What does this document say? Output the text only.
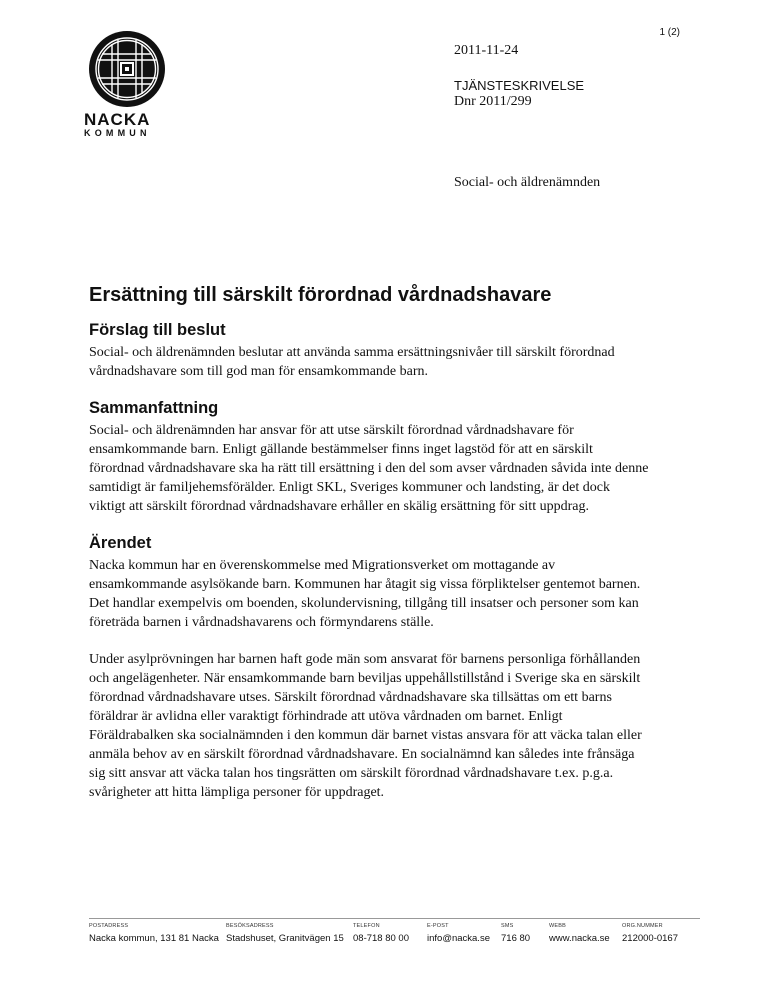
1 (2)
NACKA
KOMMUN
2011-11-24
TJÄNSTESKRIVELSE
Dnr 2011/299
Social- och äldrenämnden
Ersättning till särskilt förordnad vårdnadshavare
Förslag till beslut

Social- och äldrenämnden beslutar att använda samma ersättningsnivåer till särskilt förordnad vårdnadshavare som till god man för ensamkommande barn.

Sammanfattning

Social- och äldrenämnden har ansvar för att utse särskilt förordnad vårdnadshavare för ensamkommande barn. Enligt gällande bestämmelser finns inget lagstöd för att en särskilt förordnad vårdnadshavare ska ha rätt till ersättning i den del som avser vårdnaden såvida inte denne samtidigt är familjehemsförälder. Enligt SKL, Sveriges kommuner och landsting, är det dock viktigt att särskilt förordnad vårdnadshavare erhåller en skälig ersättning för sitt uppdrag.

Ärendet

Nacka kommun har en överenskommelse med Migrationsverket om mottagande av ensamkommande asylsökande barn. Kommunen har åtagit sig vissa förpliktelser gentemot barnen. Det handlar exempelvis om boenden, skolundervisning, tillgång till insatser och personer som kan företräda barnen i vårdnadshavarens och förmyndarens ställe.

Under asylprövningen har barnen haft gode män som ansvarat för barnens personliga förhållanden och angelägenheter. När ensamkommande barn beviljas uppehållstillstånd i Sverige ska en särskilt förordnad vårdnadshavare utses. Särskilt förordnad vårdnadshavare ska tillsättas om ett barns föräldrar är avlidna eller varaktigt förhindrade att utöva vårdnaden om barnet. Enligt Föräldrabalken ska socialnämnden i den kommun där barnet vistas ansvara för att väcka talan eller anmäla behov av en särskilt förordnad vårdnadshavare. En socialnämnd kan således inte frånsäga sig sitt ansvar att väcka talan hos tingsrätten om särskilt förordnad vårdnadshavare t.ex. p.g.a. svårigheter att hitta lämpliga personer för uppdraget.

POSTADRESS
Nacka kommun, 131 81 Nacka
BESÖKSADRESS
Stadshuset, Granitvägen 15
TELEFON
08-718 80 00
E-POST
info@nacka.se
SMS
716 80
WEBB
www.nacka.se
ORG.NUMMER
212000-0167
